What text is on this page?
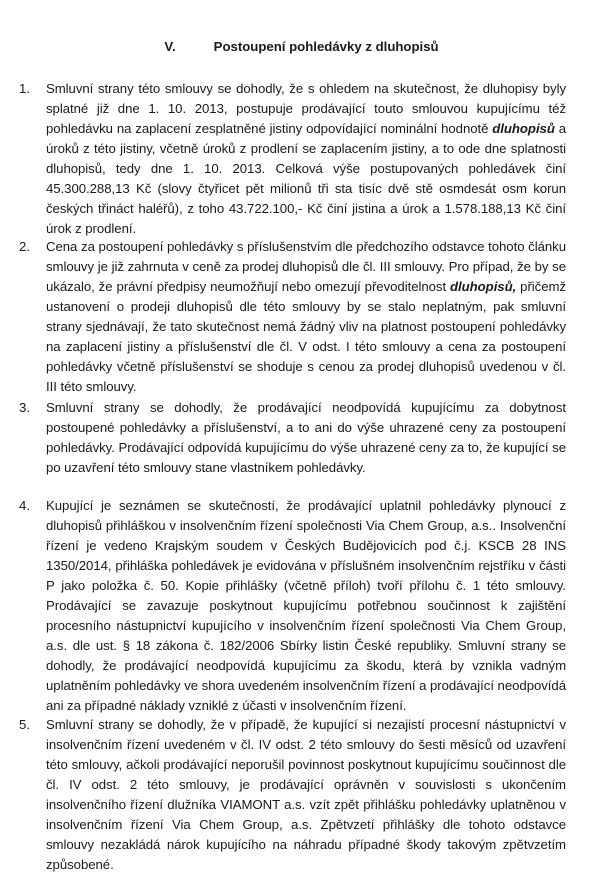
V.	Postoupení pohledávky z dluhopisů
1. Smluvní strany této smlouvy se dohodly, že s ohledem na skutečnost, že dluhopisy byly splatné již dne 1. 10. 2013, postupuje prodávající touto smlouvou kupujícímu též pohledávku na zaplacení zesplatněné jistiny odpovídající nominální hodnotě dluhopisů a úroků z této jistiny, včetně úroků z prodlení se zaplacením jistiny, a to ode dne splatnosti dluhopisů, tedy dne 1. 10. 2013. Celková výše postupovaných pohledávek činí 45.300.288,13 Kč (slovy čtyřicet pět milionů tři sta tisíc dvě stě osmdesát osm korun českých třináct haléřů), z toho 43.722.100,- Kč činí jistina a úrok a 1.578.188,13 Kč činí úrok z prodlení.
2. Cena za postoupení pohledávky s příslušenstvím dle předchozího odstavce tohoto článku smlouvy je již zahrnuta v ceně za prodej dluhopisů dle čl. III smlouvy. Pro případ, že by se ukázalo, že právní předpisy neumožňují nebo omezují převoditelnost dluhopisů, přičemž ustanovení o prodeji dluhopisů dle této smlouvy by se stalo neplatným, pak smluvní strany sjednávají, že tato skutečnost nemá žádný vliv na platnost postoupení pohledávky na zaplacení jistiny a příslušenství dle čl. V odst. I této smlouvy a cena za postoupení pohledávky včetně příslušenství se shoduje s cenou za prodej dluhopisů uvedenou v čl. III této smlouvy.
3. Smluvní strany se dohodly, že prodávající neodpovídá kupujícímu za dobytnost postoupené pohledávky a příslušenství, a to ani do výše uhrazené ceny za postoupení pohledávky. Prodávající odpovídá kupujícímu do výše uhrazené ceny za to, že kupující se po uzavření této smlouvy stane vlastníkem pohledávky.
4. Kupující je seznámen se skutečností, že prodávající uplatnil pohledávky plynoucí z dluhopisů přihláškou v insolvenčním řízení společnosti Via Chem Group, a.s.. Insolvenční řízení je vedeno Krajským soudem v Českých Budějovicích pod č.j. KSCB 28 INS 1350/2014, přihláška pohledávek je evidována v příslušném insolvenčním rejstříku v části P jako položka č. 50. Kopie přihlášky (včetně příloh) tvoří přílohu č. 1 této smlouvy. Prodávající se zavazuje poskytnout kupujícímu potřebnou součinnost k zajištění procesního nástupnictví kupujícího v insolvenčním řízení společnosti Via Chem Group, a.s. dle ust. § 18 zákona č. 182/2006 Sbírky listin České republiky. Smluvní strany se dohodly, že prodávající neodpovídá kupujícímu za škodu, která by vznikla vadným uplatněním pohledávky ve shora uvedeném insolvenčním řízení a prodávající neodpovídá ani za případné náklady vzniklé z účasti v insolvenčním řízení.
5. Smluvní strany se dohodly, že v případě, že kupující si nezajistí procesní nástupnictví v insolvenčním řízení uvedeném v čl. IV odst. 2 této smlouvy do šesti měsíců od uzavření této smlouvy, ačkoli prodávající neporušil povinnost poskytnout kupujícímu součinnost dle čl. IV odst. 2 této smlouvy, je prodávající oprávněn v souvislosti s ukončením insolvenčního řízení dlužníka VIAMONT a.s. vzít zpět přihlášku pohledávky uplatněnou v insolvenčním řízení Via Chem Group, a.s. Zpětvzetí přihlášky dle tohoto odstavce smlouvy nezakládá nárok kupujícího na náhradu případné škody takovým zpětvzetím způsobené.
